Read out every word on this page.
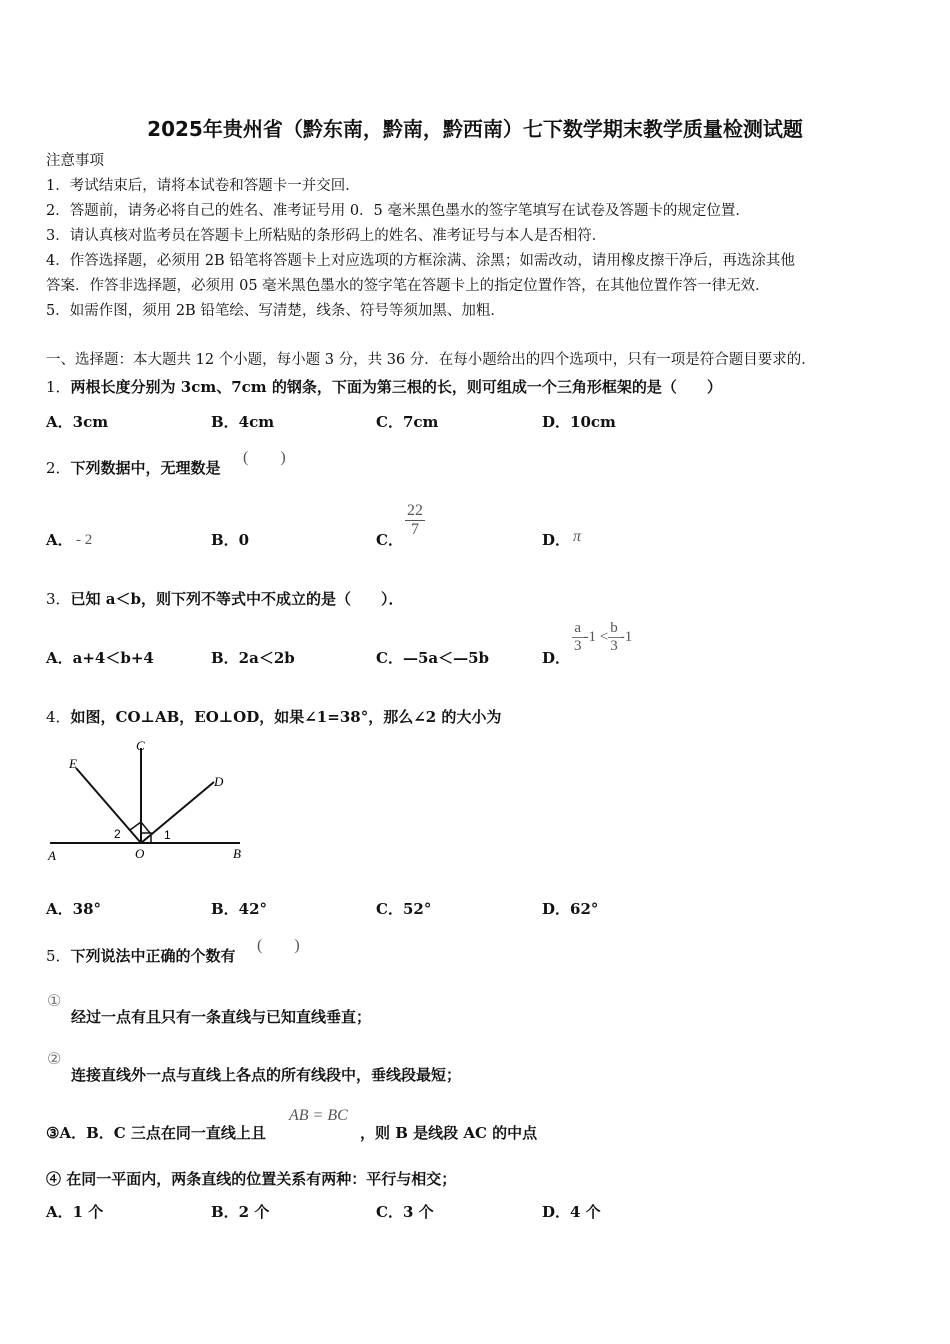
2025年贵州省（黔东南，黔南，黔西南）七下数学期末教学质量检测试题
注意事项
1．考试结束后，请将本试卷和答题卡一并交回．
2．答题前，请务必将自己的姓名、准考证号用 0．5 毫米黑色墨水的签字笔填写在试卷及答题卡的规定位置．
3．请认真核对监考员在答题卡上所粘贴的条形码上的姓名、准考证号与本人是否相符．
4．作答选择题，必须用 2B 铅笔将答题卡上对应选项的方框涂满、涂黑；如需改动，请用橡皮擦干净后，再选涂其他
答案．作答非选择题，必须用 05 毫米黑色墨水的签字笔在答题卡上的指定位置作答，在其他位置作答一律无效．
5．如需作图，须用 2B 铅笔绘、写清楚，线条、符号等须加黑、加粗．
一、选择题：本大题共 12 个小题，每小题 3 分，共 36 分．在每小题给出的四个选项中，只有一项是符合题目要求的．
1．两根长度分别为 3cm、7cm 的钢条，下面为第三根的长，则可组成一个三角形框架的是（　　）
A．3cm	B．4cm	C．7cm	D．10cm
2．下列数据中，无理数是
(　　)
A． - 2	B．0	C．
$\frac{22}{7}$
D． π
3．已知 a＜b，则下列不等式中不成立的是（　　）．
A．a+4＜b+4	B．2a＜2b	C．—5a＜—5b	D．
$\frac{a}{3} -1 < \frac{b}{3} -1$
4．如图，CO⊥AB，EO⊥OD，如果∠1=38°，那么∠2 的大小为
C
E
D
A	O	B
1
2
A．38°	B．42°	C．52°	D．62°
5．下列说法中正确的个数有
(　　)
①
经过一点有且只有一条直线与已知直线垂直；
②
连接直线外一点与直线上各点的所有线段中，垂线段最短；
③A．B．C 三点在同一直线上且
AB = BC
，则 B 是线段 AC 的中点
④ 在同一平面内，两条直线的位置关系有两种：平行与相交；
A．1 个	B．2 个	C．3 个	D．4 个
